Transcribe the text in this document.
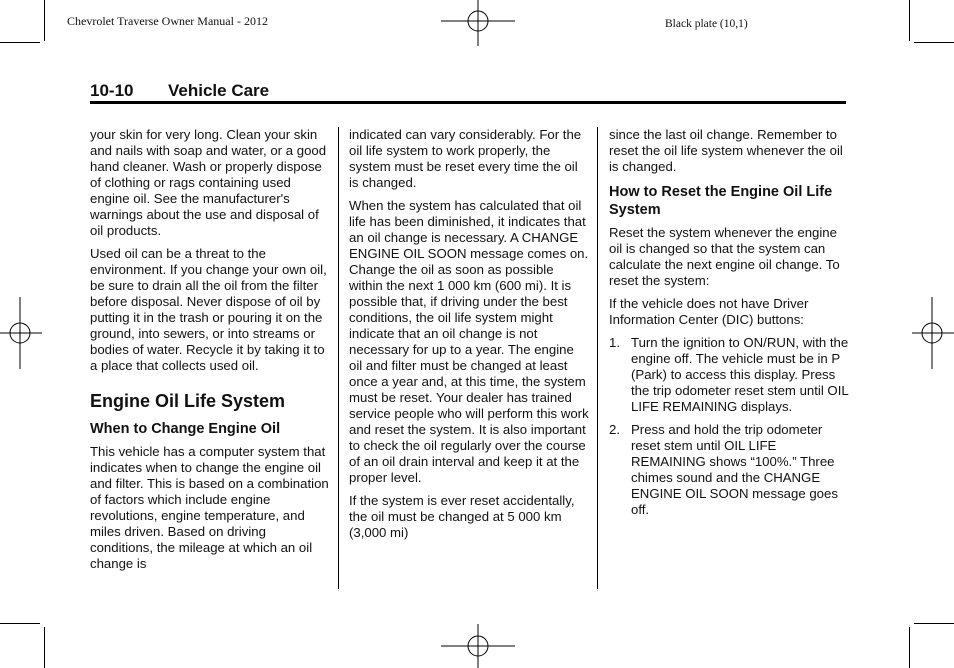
Chevrolet Traverse Owner Manual - 2012	Black plate (10,1)
10-10 Vehicle Care

your skin for very long. Clean your skin and nails with soap and water, or a good hand cleaner. Wash or properly dispose of clothing or rags containing used engine oil. See the manufacturer's warnings about the use and disposal of oil products.

Used oil can be a threat to the environment. If you change your own oil, be sure to drain all the oil from the filter before disposal. Never dispose of oil by putting it in the trash or pouring it on the ground, into sewers, or into streams or bodies of water. Recycle it by taking it to a place that collects used oil.

Engine Oil Life System
When to Change Engine Oil

This vehicle has a computer system that indicates when to change the engine oil and filter. This is based on a combination of factors which include engine revolutions, engine temperature, and miles driven. Based on driving conditions, the mileage at which an oil change is

indicated can vary considerably. For the oil life system to work properly, the system must be reset every time the oil is changed.

When the system has calculated that oil life has been diminished, it indicates that an oil change is necessary. A CHANGE ENGINE OIL SOON message comes on. Change the oil as soon as possible within the next 1 000 km (600 mi). It is possible that, if driving under the best conditions, the oil life system might indicate that an oil change is not necessary for up to a year. The engine oil and filter must be changed at least once a year and, at this time, the system must be reset. Your dealer has trained service people who will perform this work and reset the system. It is also important to check the oil regularly over the course of an oil drain interval and keep it at the proper level.

If the system is ever reset accidentally, the oil must be changed at 5 000 km (3,000 mi)

since the last oil change. Remember to reset the oil life system whenever the oil is changed.

How to Reset the Engine Oil Life System

Reset the system whenever the engine oil is changed so that the system can calculate the next engine oil change. To reset the system:

If the vehicle does not have Driver Information Center (DIC) buttons:

1. Turn the ignition to ON/RUN, with the engine off. The vehicle must be in P (Park) to access this display. Press the trip odometer reset stem until OIL LIFE REMAINING displays.
2. Press and hold the trip odometer reset stem until OIL LIFE REMAINING shows “100%.” Three chimes sound and the CHANGE ENGINE OIL SOON message goes off.
